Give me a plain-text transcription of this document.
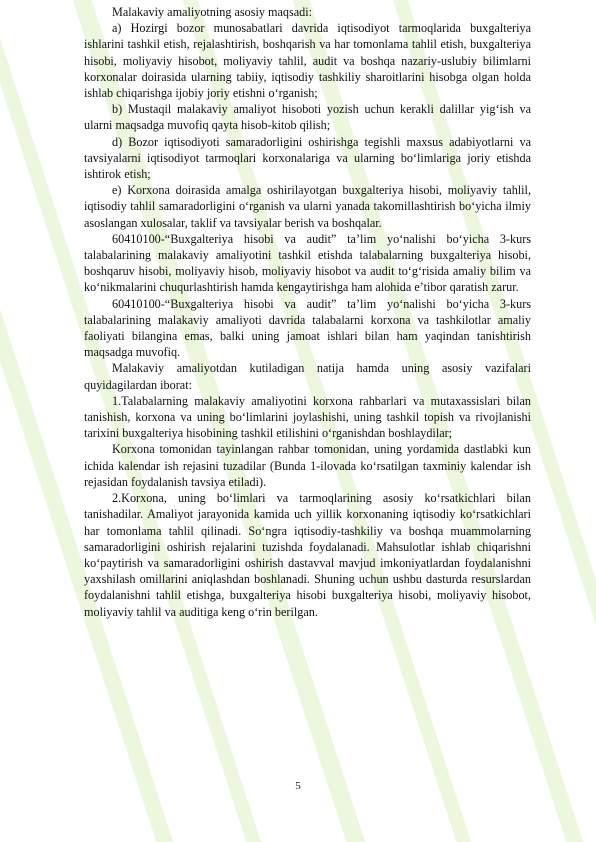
Malakaviy amaliyotning asosiy maqsadi:

a) Hozirgi bozor munosabatlari davrida iqtisodiyot tarmoqlarida buxgalteriya ishlarini tashkil etish, rejalashtirish, boshqarish va har tomonlama tahlil etish, buxgalteriya hisobi, moliyaviy hisobot, moliyaviy tahlil, audit va boshqa nazariy-uslubiy bilimlarni korxonalar doirasida ularning tabiiy, iqtisodiy tashkiliy sharoitlarini hisobga olgan holda ishlab chiqarishga ijobiy joriy etishni o‘rganish;

b) Mustaqil malakaviy amaliyot hisoboti yozish uchun kerakli dalillar yig‘ish va ularni maqsadga muvofiq qayta hisob-kitob qilish;

d) Bozor iqtisodiyoti samaradorligini oshirishga tegishli maxsus adabiyotlarni va tavsiyalarni iqtisodiyot tarmoqlari korxonalariga va ularning bo‘limlariga joriy etishda ishtirok etish;

e) Korxona doirasida amalga oshirilayotgan buxgalteriya hisobi, moliyaviy tahlil, iqtisodiy tahlil samaradorligini o‘rganish va ularni yanada takomillashtirish bo‘yicha ilmiy asoslangan xulosalar, taklif va tavsiyalar berish va boshqalar.

60410100-“Buxgalteriya hisobi va audit” ta’lim yo‘nalishi bo‘yicha 3-kurs talabalarining malakaviy amaliyotini tashkil etishda talabalarning buxgalteriya hisobi, boshqaruv hisobi, moliyaviy hisob, moliyaviy hisobot va audit to‘g‘risida amaliy bilim va ko‘nikmalarini chuqurlashtirish hamda kengaytirishga ham alohida e’tibor qaratish zarur.

60410100-“Buxgalteriya hisobi va audit” ta’lim yo‘nalishi bo‘yicha 3-kurs talabalarining malakaviy amaliyoti davrida talabalarni korxona va tashkilotlar amaliy faoliyati bilangina emas, balki uning jamoat ishlari bilan ham yaqindan tanishtirish maqsadga muvofiq.

Malakaviy amaliyotdan kutiladigan natija hamda uning asosiy vazifalari quyidagilardan iborat:

1.Talabalarning malakaviy amaliyotini korxona rahbarlari va mutaxassislari bilan tanishish, korxona va uning bo‘limlarini joylashishi, uning tashkil topish va rivojlanishi tarixini buxgalteriya hisobining tashkil etilishini o‘rganishdan boshlaydilar;

Korxona tomonidan tayinlangan rahbar tomonidan, uning yordamida dastlabki kun ichida kalendar ish rejasini tuzadilar (Bunda 1-ilovada ko‘rsatilgan taxminiy kalendar ish rejasidan foydalanish tavsiya etiladi).

2.Korxona, uning bo‘limlari va tarmoqlarining asosiy ko‘rsatkichlari bilan tanishadilar. Amaliyot jarayonida kamida uch yillik korxonaning iqtisodiy ko‘rsatkichlari har tomonlama tahlil qilinadi. So‘ngra iqtisodiy-tashkiliy va boshqa muammolarning samaradorligini oshirish rejalarini tuzishda foydalanadi. Mahsulotlar ishlab chiqarishni ko‘paytirish va samaradorligini oshirish dastavval mavjud imkoniyatlardan foydalanishni yaxshilash omillarini aniqlashdan boshlanadi. Shuning uchun ushbu dasturda resurslardan foydalanishni tahlil etishga, buxgalteriya hisobi buxgalteriya hisobi, moliyaviy hisobot, moliyaviy tahlil va auditiga keng o‘rin berilgan.

5
